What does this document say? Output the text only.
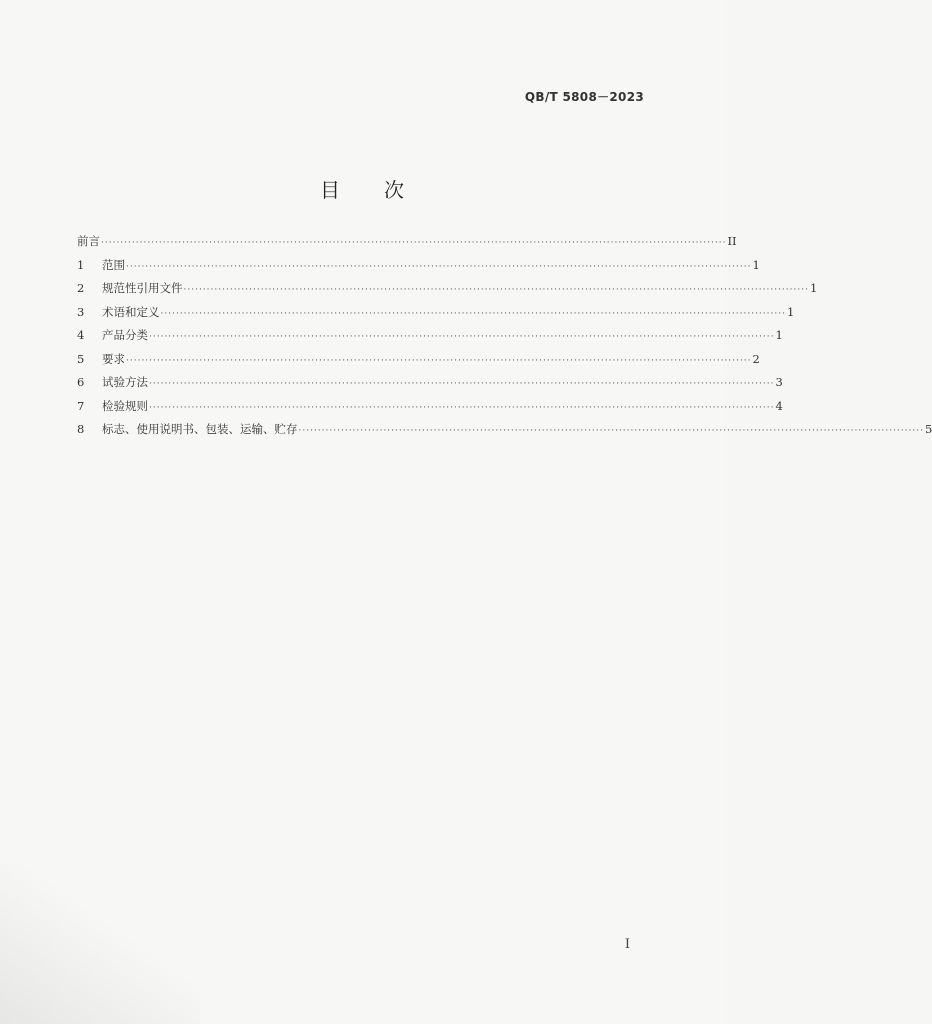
QB/T 5808－2023
目 次
前言 ·································································································································································· II
1	范围 ·································································································································································· 1
2	规范性引用文件 ·································································································································································· 1
3	术语和定义 ·································································································································································· 1
4	产品分类 ·································································································································································· 1
5	要求 ·································································································································································· 2
6	试验方法 ·································································································································································· 3
7	检验规则 ·································································································································································· 4
8	标志、使用说明书、包装、运输、贮存 ·································································································································································· 5
I
